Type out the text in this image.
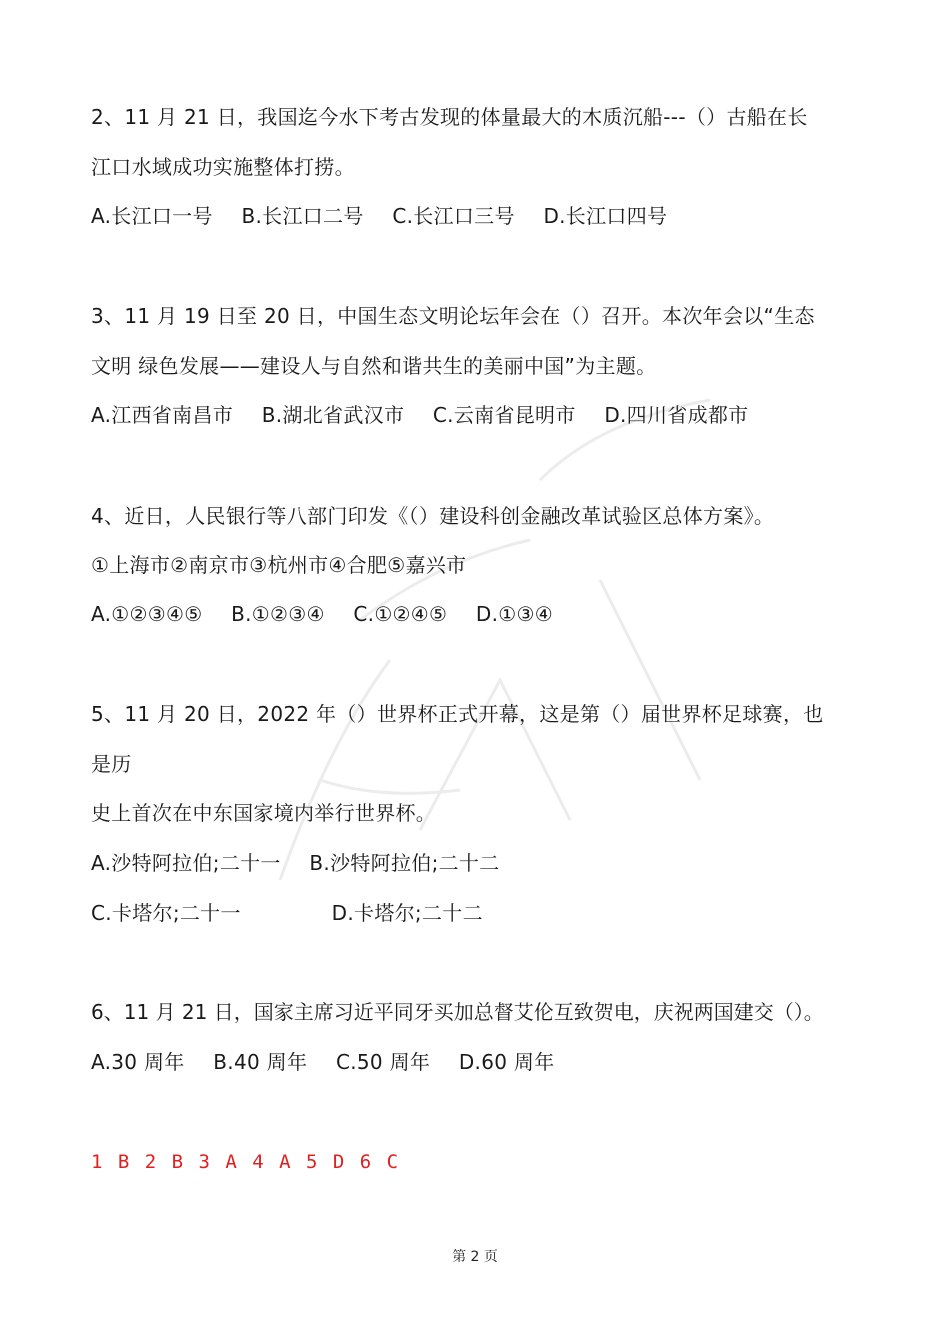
2、11 月 21 日，我国迄今水下考古发现的体量最大的木质沉船---（）古船在长
江口水域成功实施整体打捞。
A.长江口一号 B.长江口二号 C.长江口三号 D.长江口四号
3、11 月 19 日至 20 日，中国生态文明论坛年会在（）召开。本次年会以“生态
文明 绿色发展——建设人与自然和谐共生的美丽中国”为主题。
A.江西省南昌市 B.湖北省武汉市 C.云南省昆明市 D.四川省成都市
4、近日，人民银行等八部门印发《（）建设科创金融改革试验区总体方案》。
①上海市②南京市③杭州市④合肥⑤嘉兴市
A.①②③④⑤ B.①②③④ C.①②④⑤ D.①③④
5、11 月 20 日，2022 年（）世界杯正式开幕，这是第（）届世界杯足球赛，也
是历
史上首次在中东国家境内举行世界杯。
A.沙特阿拉伯;二十一 B.沙特阿拉伯;二十二
C.卡塔尔;二十一	D.卡塔尔;二十二
6、11 月 21 日，国家主席习近平同牙买加总督艾伦互致贺电，庆祝两国建交（）。
A.30 周年 B.40 周年 C.50 周年 D.60 周年
1 B 2 B 3 A 4 A 5 D 6 C
第 2 页
